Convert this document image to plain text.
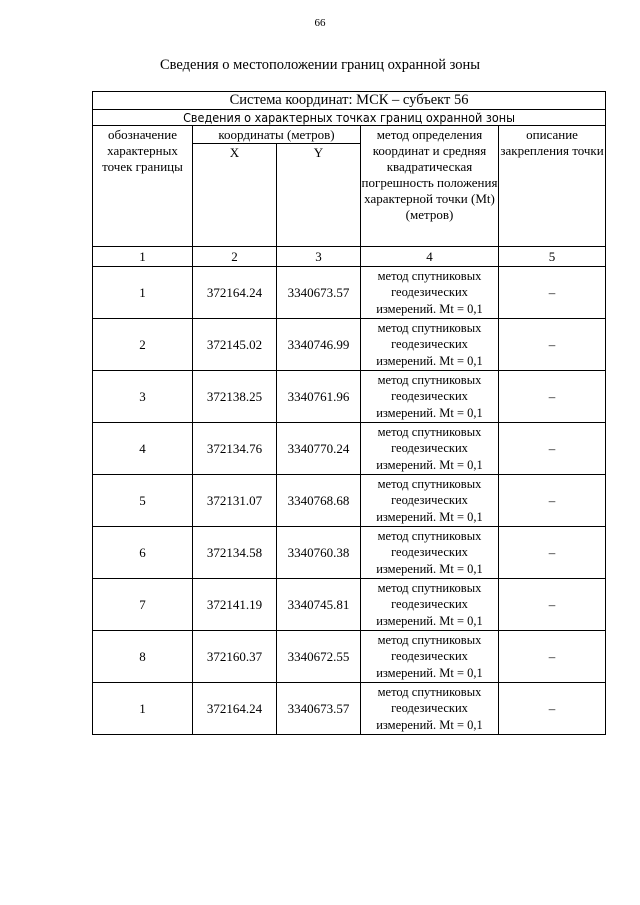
66
Сведения о местоположении границ охранной зоны
Система координат: МСК – субъект 56				
Сведения о характерных точках границ охранной зоны				
обозначение характерных точек границы	координаты (метров)		метод определения координат и средняя квадратическая погрешность положения характерной точки (Mt) (метров)	описание закрепления точки
	X	Y		
1	2	3	4	5
1	372164.24	3340673.57	метод спутниковых
геодезических
измерений. Mt = 0,1	–
2	372145.02	3340746.99	метод спутниковых
геодезических
измерений. Mt = 0,1	–
3	372138.25	3340761.96	метод спутниковых
геодезических
измерений. Mt = 0,1	–
4	372134.76	3340770.24	метод спутниковых
геодезических
измерений. Mt = 0,1	–
5	372131.07	3340768.68	метод спутниковых
геодезических
измерений. Mt = 0,1	–
6	372134.58	3340760.38	метод спутниковых
геодезических
измерений. Mt = 0,1	–
7	372141.19	3340745.81	метод спутниковых
геодезических
измерений. Mt = 0,1	–
8	372160.37	3340672.55	метод спутниковых
геодезических
измерений. Mt = 0,1	–
1	372164.24	3340673.57	метод спутниковых
геодезических
измерений. Mt = 0,1	–
